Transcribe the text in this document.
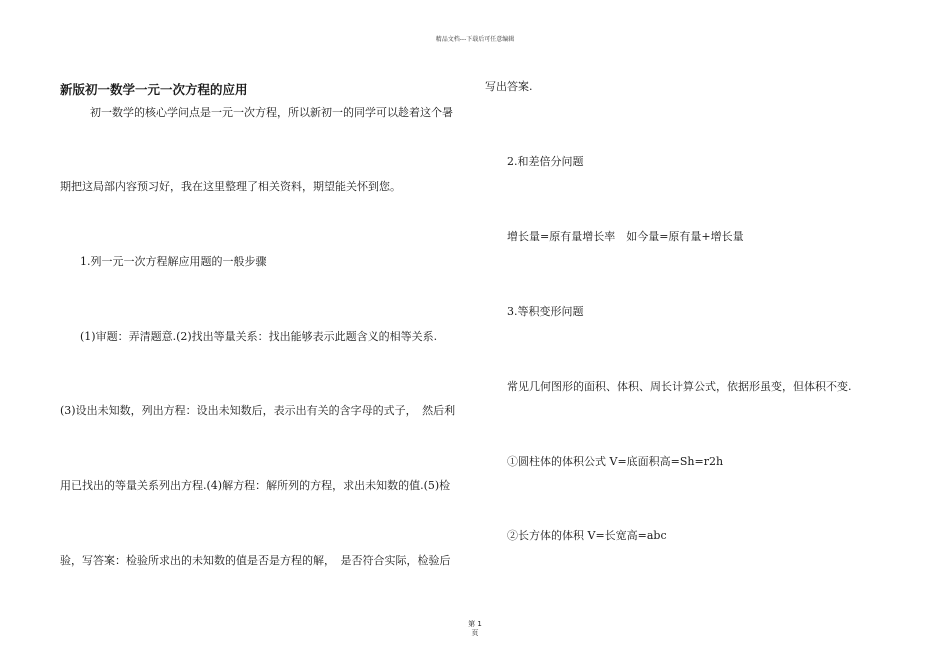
精品文档---下载后可任意编辑
新版初一数学一元一次方程的应用
初一数学的核心学问点是一元一次方程，所以新初一的同学可以趁着这个暑
期把这局部内容预习好，我在这里整理了相关资料，期望能关怀到您。
1.列一元一次方程解应用题的一般步骤
(1)审题：弄清题意.(2)找出等量关系：找出能够表示此题含义的相等关系.
(3)设出未知数，列出方程：设出未知数后，表示出有关的含字母的式子，　然后利
用已找出的等量关系列出方程.(4)解方程：解所列的方程，求出未知数的值.(5)检
验，写答案：检验所求出的未知数的值是否是方程的解，　是否符合实际，检验后
写出答案.
2.和差倍分问题
增长量=原有量增长率　如今量=原有量+增长量
3.等积变形问题
常见几何图形的面积、体积、周长计算公式，依据形虽变，但体积不变.
①圆柱体的体积公式 V=底面积高=Sh=r2h
②长方体的体积 V=长宽高=abc
第 1
页
